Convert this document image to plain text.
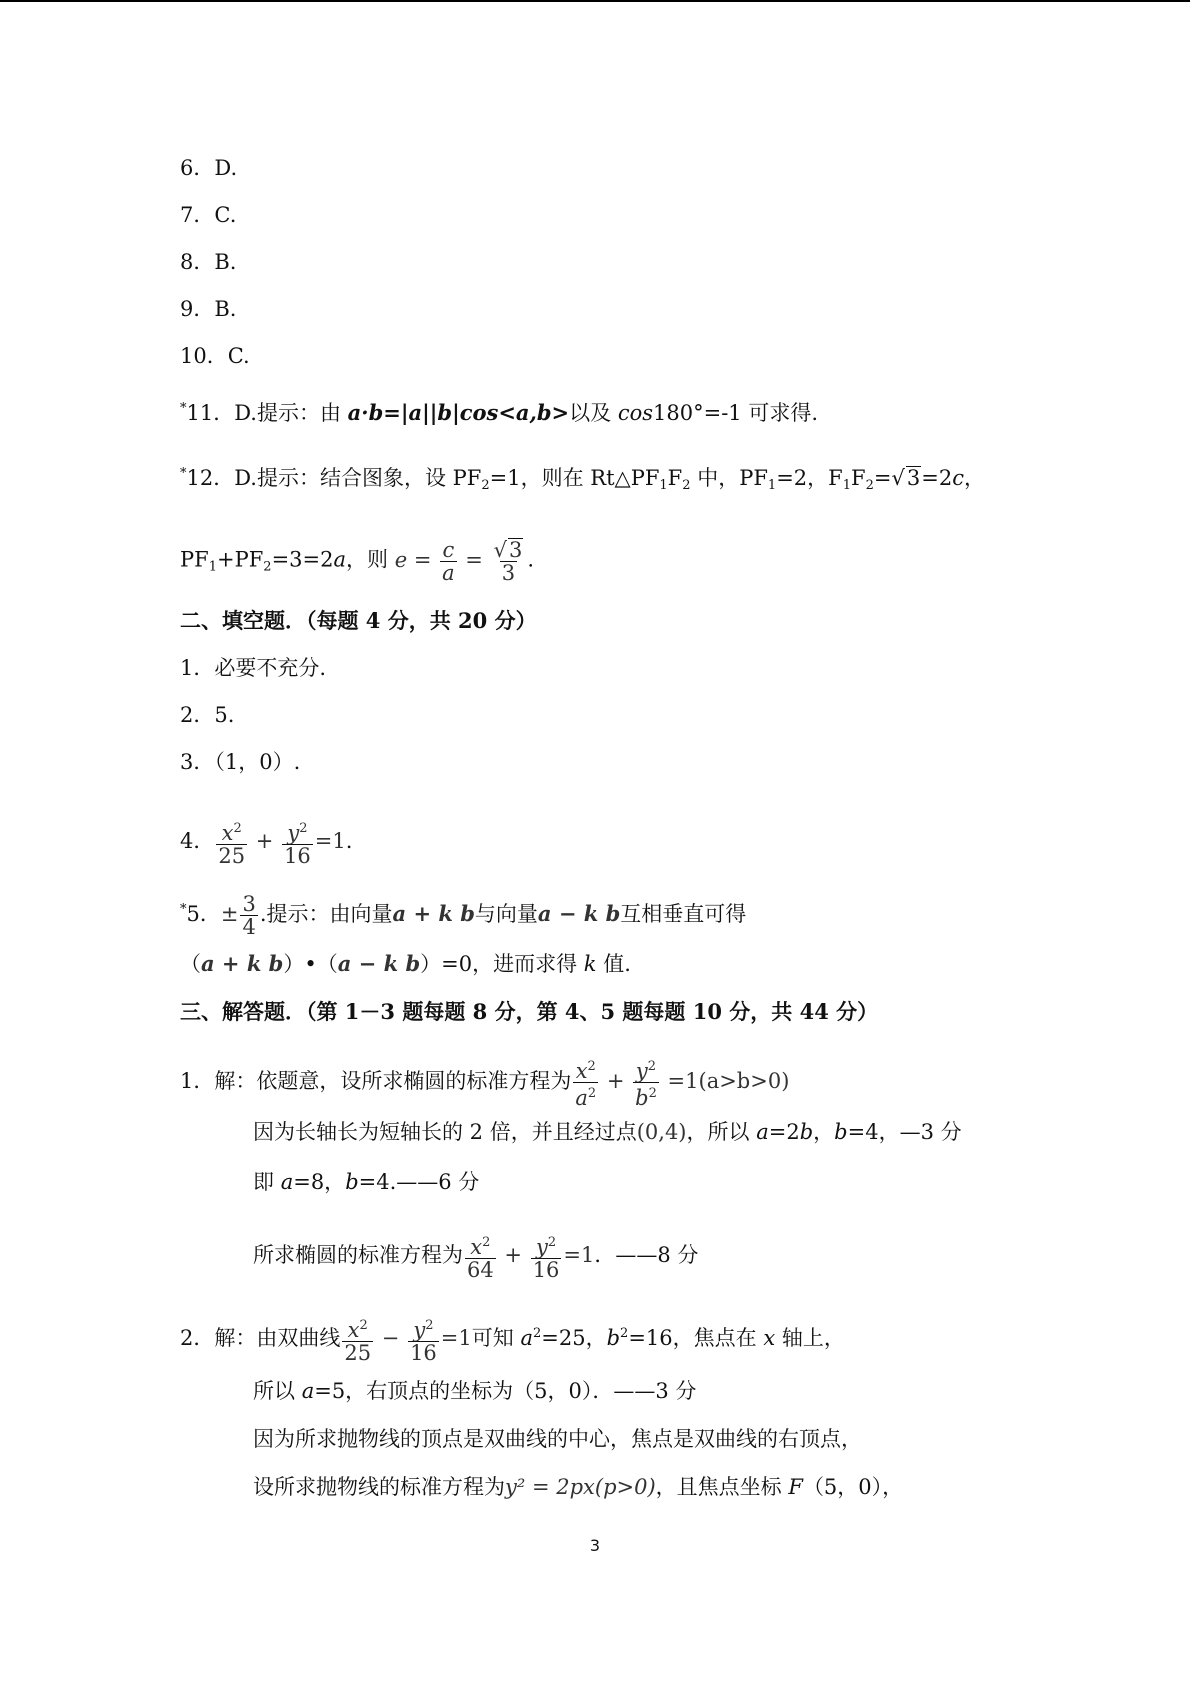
6．D.
7．C.
8．B.
9．B.
10．C.
*11．D.提示：由 a·b=|a||b|cos<a,b>以及 cos180°=-1 可求得.
*12．D.提示：结合图象，设 $PF_2=1$，则在 $Rt\triangle PF_1F_2$ 中，$PF_1=2$，$F_1F_2=√3=2c$，
$PF_1+PF_2=3=2a$，则 $e = \frac{c}{a} = \frac{√3}{3}$ .
二、填空题．（每题 4 分，共 20 分）
1．必要不充分.
2．5.
3．（1，0）.
4． $\frac{x^2}{25} + \frac{y^2}{16} =1$.
*5．± $\frac{3}{4}$ .提示：由向量a + k b与向量a − k b互相垂直可得
（a + k b）•（a − k b）=0，进而求得 k 值.
三、解答题．（第 1－3 题每题 8 分，第 4、5 题每题 10 分，共 44 分）
1．解：依题意，设所求椭圆的标准方程为 $\frac{x^2}{a^2} + \frac{y^2}{b^2} =1(a>b>0)$
因为长轴长为短轴长的 2 倍，并且经过点(0,4)，所以 a=2b，b=4，—3 分
即 a=8，b=4.——6 分
所求椭圆的标准方程为 $\frac{x^2}{64} + \frac{y^2}{16} =1$．——8 分
2．解：由双曲线 $\frac{x^2}{25} - \frac{y^2}{16} =1$可知 $a^2=25$，$b^2=16$，焦点在 x 轴上，
所以 a=5，右顶点的坐标为（5，0）．——3 分
因为所求抛物线的顶点是双曲线的中心，焦点是双曲线的右顶点，
设所求抛物线的标准方程为y² = 2px(p>0)，且焦点坐标 F（5，0），
3
